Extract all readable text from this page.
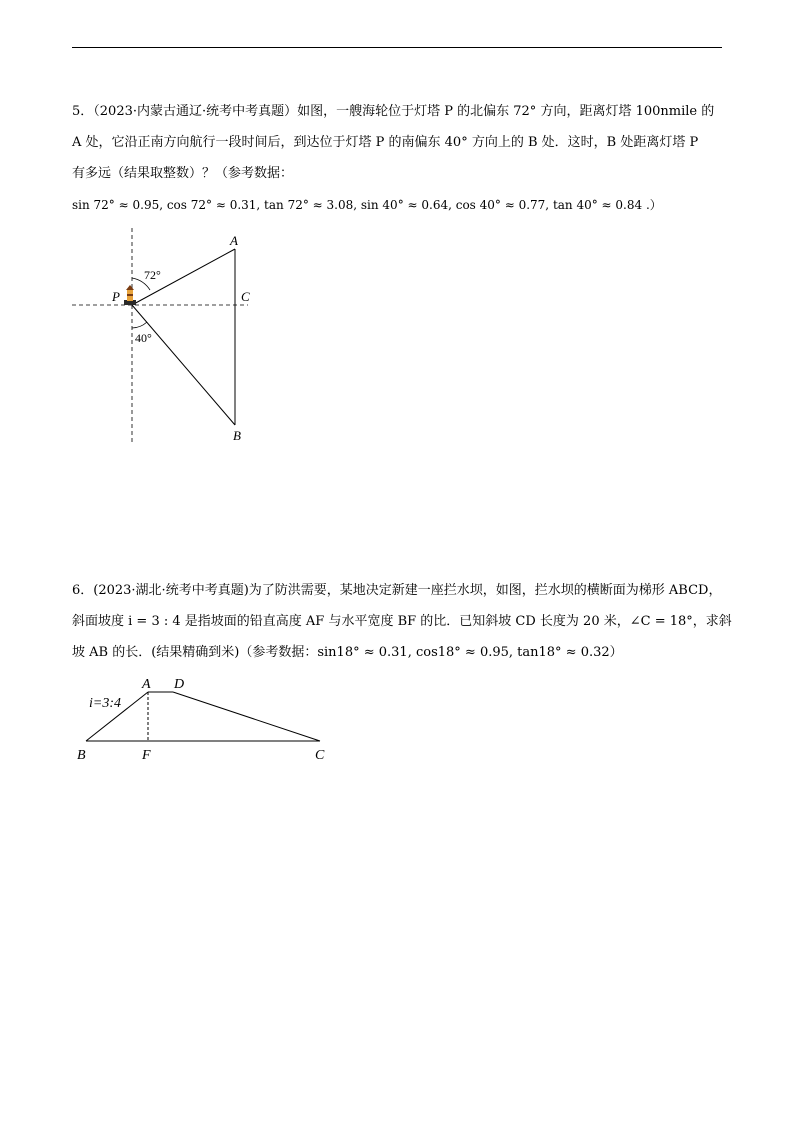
5．（2023·内蒙古通辽·统考中考真题）如图，一艘海轮位于灯塔 P 的北偏东 72° 方向，距离灯塔 100nmile 的
A 处，它沿正南方向航行一段时间后，到达位于灯塔 P 的南偏东 40° 方向上的 B 处．这时，B 处距离灯塔 P
有多远（结果取整数）？（参考数据：
sin 72° ≈ 0.95, cos 72° ≈ 0.31, tan 72° ≈ 3.08, sin 40° ≈ 0.64, cos 40° ≈ 0.77, tan 40° ≈ 0.84 .）
A
C
P
B
72°
40°
A D
B	F	C
i=3:4
6．(2023·湖北·统考中考真题)为了防洪需要，某地决定新建一座拦水坝，如图，拦水坝的横断面为梯形 ABCD，
斜面坡度 i = 3 : 4 是指坡面的铅直高度 AF 与水平宽度 BF 的比．已知斜坡 CD 长度为 20 米，∠C = 18°，求斜
坡 AB 的长．(结果精确到米)（参考数据：sin18° ≈ 0.31, cos18° ≈ 0.95, tan18° ≈ 0.32）
